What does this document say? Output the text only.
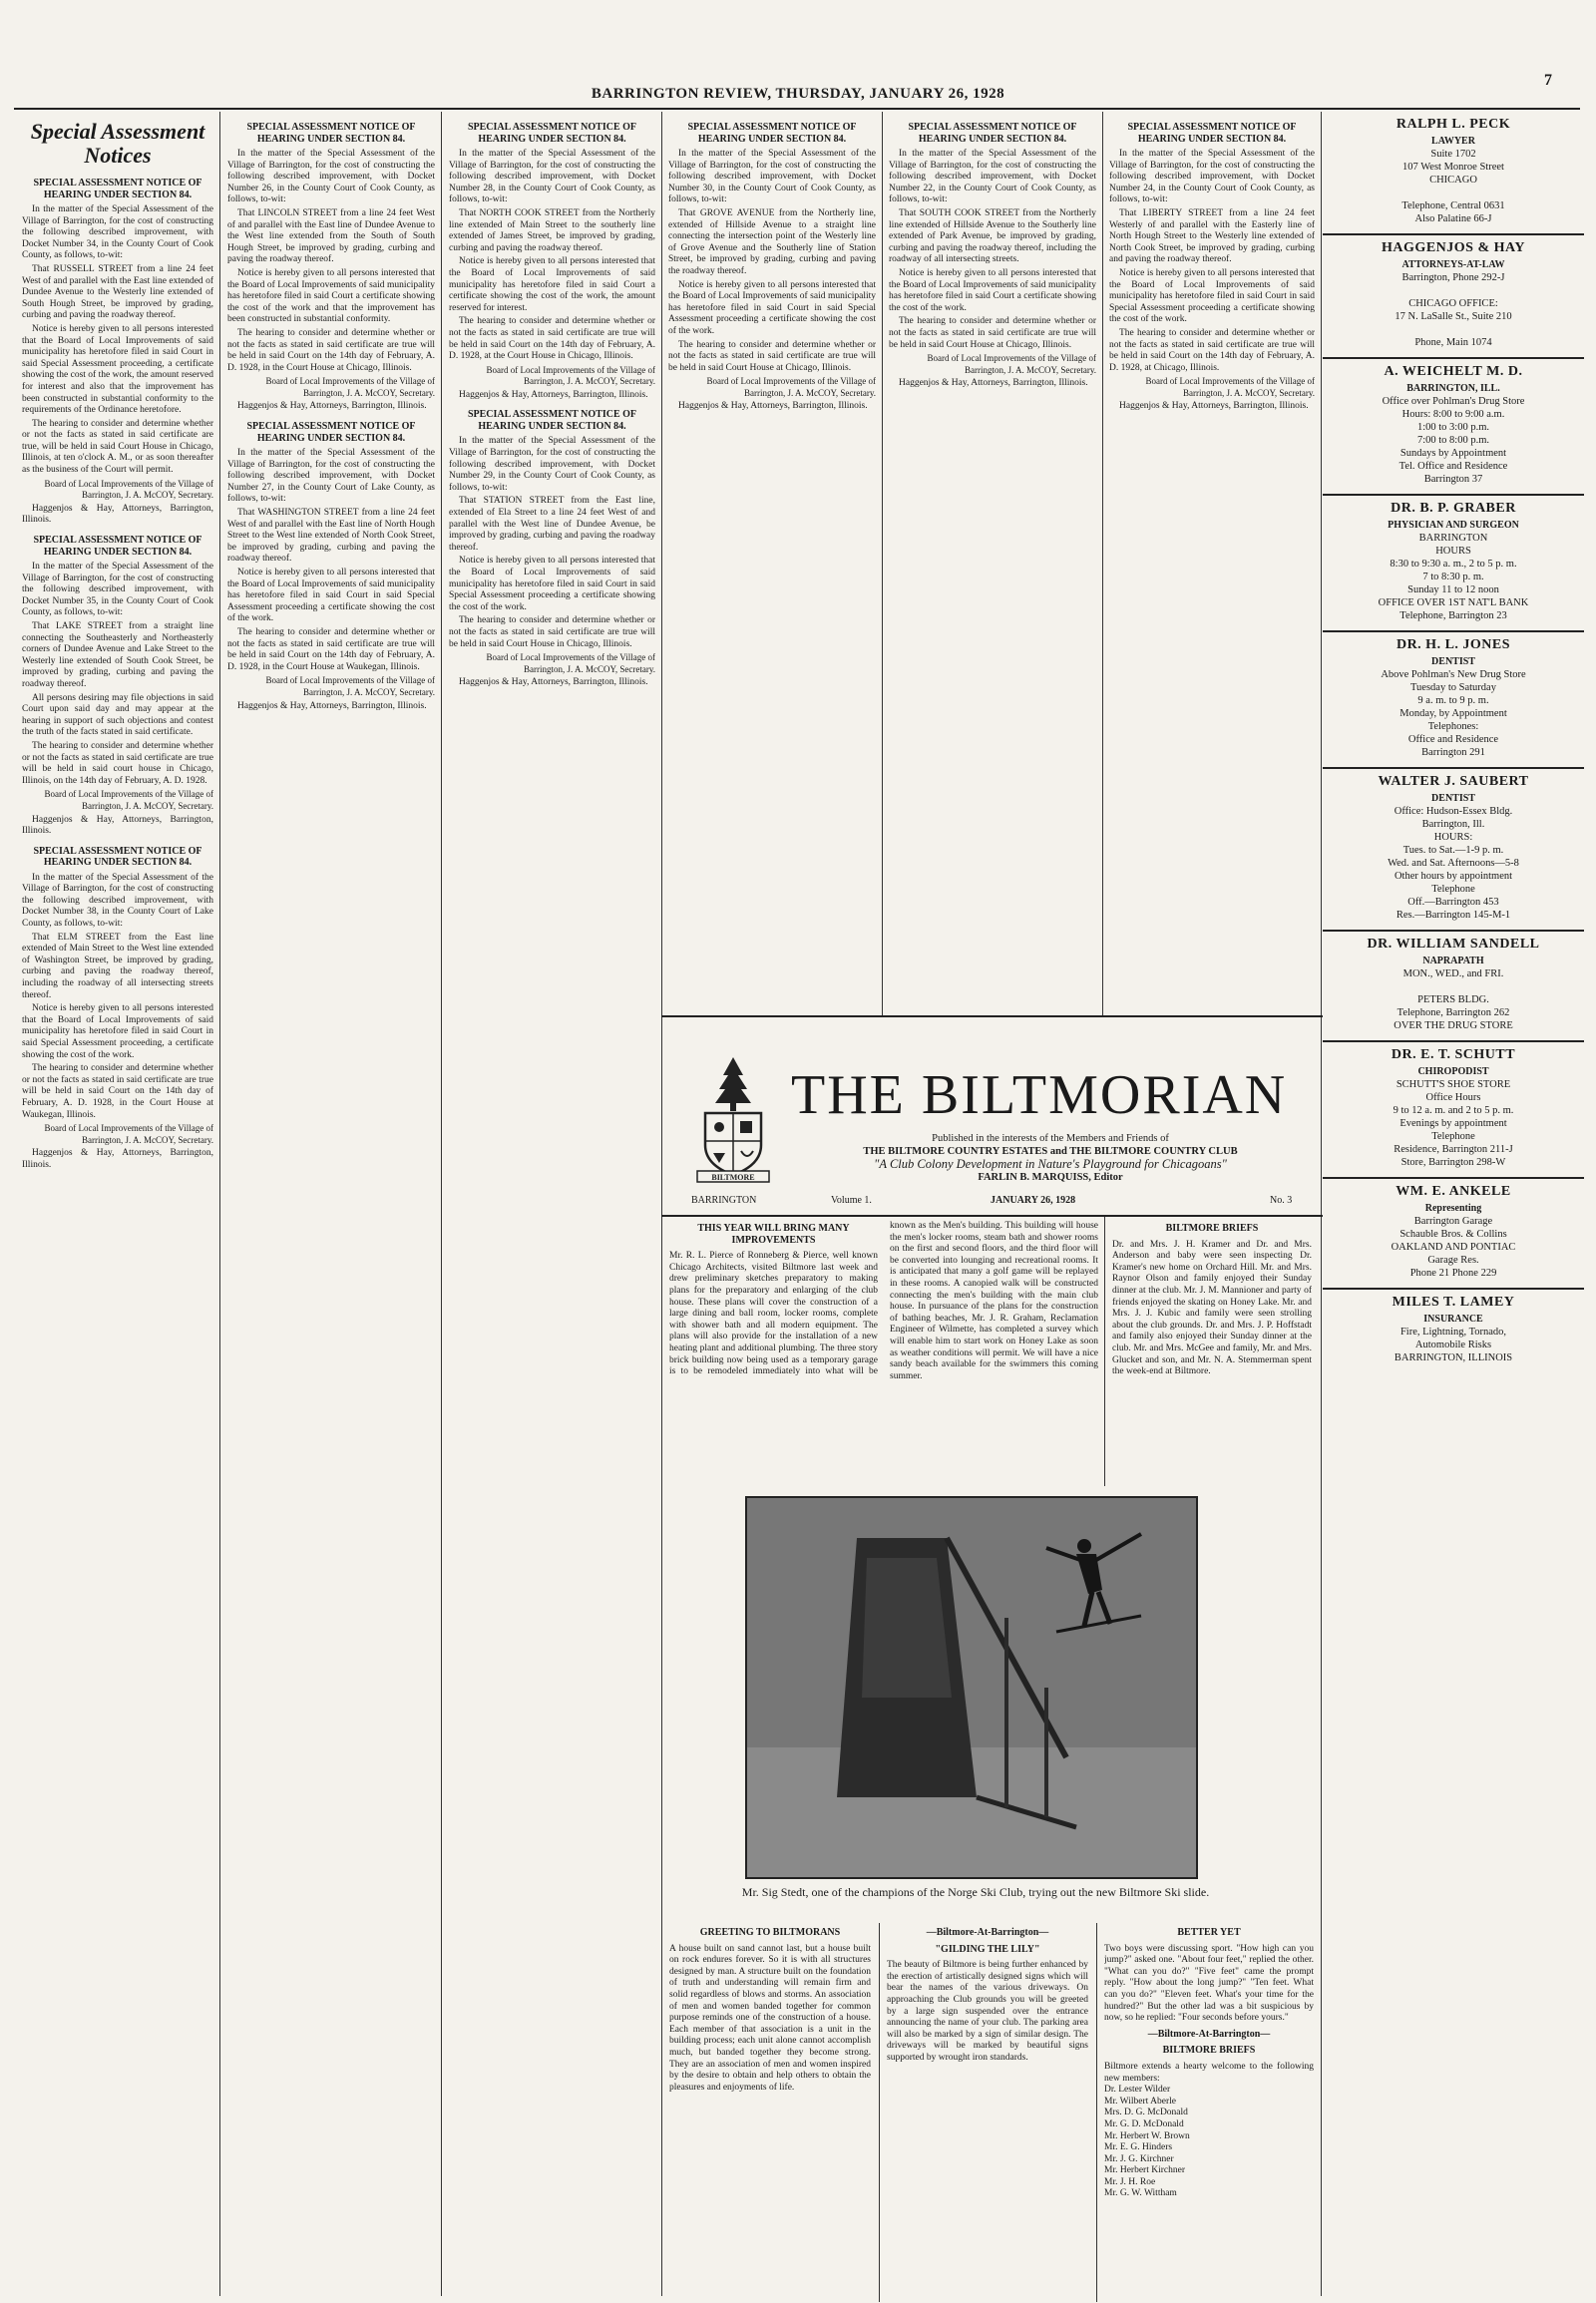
BARRINGTON REVIEW, THURSDAY, JANUARY 26, 1928
7
Special Assessment Notices
SPECIAL ASSESSMENT NOTICE OF HEARING UNDER SECTION 84.

In the matter of the Special Assessment of the Village of Barrington, for the cost of constructing the following described improvement, with Docket Number 34, in the County Court of Cook County, as follows, to-wit:

That RUSSELL STREET from a line 24 feet West of and parallel with the East line extended of Dundee Avenue to the Westerly line extended of South Hough Street, be improved by grading, curbing and paving the roadway thereof.

Notice is hereby given to all persons interested that the Board of Local Improvements of said municipality has heretofore filed in said Court in said Special Assessment proceeding, a certificate showing the cost of the work, the amount reserved for interest and also that the improvement has been constructed in substantial conformity to the requirements of the Ordinance heretofore.

The hearing to consider and determine whether or not the facts as stated in said certificate are true, will be held in said Court House in Chicago, Illinois, at ten o'clock A. M., or as soon thereafter as the business of the Court will permit.

Board of Local Improvements of the Village of Barrington, J. A. McCOY, Secretary.

Haggenjos & Hay, Attorneys, Barrington, Illinois.

SPECIAL ASSESSMENT NOTICE OF HEARING UNDER SECTION 84.

In the matter of the Special Assessment of the Village of Barrington, for the cost of constructing the following described improvement, with Docket Number 35, in the County Court of Cook County, as follows, to-wit:

That LAKE STREET from a straight line connecting the Southeasterly and Northeasterly corners of Dundee Avenue and Lake Street to the Westerly line extended of South Cook Street, be improved by grading, curbing and paving the roadway thereof.

All persons desiring may file objections in said Court upon said day and may appear at the hearing in support of such objections and contest the truth of the facts stated in said certificate.

The hearing to consider and determine whether or not the facts as stated in said certificate are true will be held in said court house in Chicago, Illinois, on the 14th day of February, A. D. 1928.

Board of Local Improvements of the Village of Barrington, J. A. McCOY, Secretary.

Haggenjos & Hay, Attorneys, Barrington, Illinois.

SPECIAL ASSESSMENT NOTICE OF HEARING UNDER SECTION 84.

In the matter of the Special Assessment of the Village of Barrington, for the cost of constructing the following described improvement, with Docket Number 38, in the County Court of Lake County, as follows, to-wit:

That ELM STREET from the East line extended of Main Street to the West line extended of Washington Street, be improved by grading, curbing and paving the roadway thereof, including the roadway of all intersecting streets thereof.

Notice is hereby given to all persons interested that the Board of Local Improvements of said municipality has heretofore filed in said Court in said Special Assessment proceeding, a certificate showing the cost of the work.

The hearing to consider and determine whether or not the facts as stated in said certificate are true will be held in said Court on the 14th day of February, A. D. 1928, in the Court House at Waukegan, Illinois.

Board of Local Improvements of the Village of Barrington, J. A. McCOY, Secretary.

Haggenjos & Hay, Attorneys, Barrington, Illinois.

SPECIAL ASSESSMENT NOTICE OF HEARING UNDER SECTION 84.

In the matter of the Special Assessment of the Village of Barrington, for the cost of constructing the following described improvement, with Docket Number 26, in the County Court of Cook County, as follows, to-wit:

That LINCOLN STREET from a line 24 feet West of and parallel with the East line of Dundee Avenue to the West line extended from the South of South Hough Street, be improved by grading, curbing and paving the roadway thereof.

Notice is hereby given to all persons interested that the Board of Local Improvements of said municipality has heretofore filed in said Court a certificate showing the cost of the work and that the improvement has been constructed in substantial conformity.

The hearing to consider and determine whether or not the facts as stated in said certificate are true will be held in said Court on the 14th day of February, A. D. 1928, in the Court House at Chicago, Illinois.

Board of Local Improvements of the Village of Barrington, J. A. McCOY, Secretary.

Haggenjos & Hay, Attorneys, Barrington, Illinois.

SPECIAL ASSESSMENT NOTICE OF HEARING UNDER SECTION 84.

In the matter of the Special Assessment of the Village of Barrington, for the cost of constructing the following described improvement, with Docket Number 27, in the County Court of Lake County, as follows, to-wit:

That WASHINGTON STREET from a line 24 feet West of and parallel with the East line of North Hough Street to the West line extended of North Cook Street, be improved by grading, curbing and paving the roadway thereof.

Notice is hereby given to all persons interested that the Board of Local Improvements of said municipality has heretofore filed in said Court in said Special Assessment proceeding a certificate showing the cost of the work.

The hearing to consider and determine whether or not the facts as stated in said certificate are true will be held in said Court on the 14th day of February, A. D. 1928, in the Court House at Waukegan, Illinois.

Board of Local Improvements of the Village of Barrington, J. A. McCOY, Secretary.

Haggenjos & Hay, Attorneys, Barrington, Illinois.

SPECIAL ASSESSMENT NOTICE OF HEARING UNDER SECTION 84.

In the matter of the Special Assessment of the Village of Barrington, for the cost of constructing the following described improvement, with Docket Number 28, in the County Court of Cook County, as follows, to-wit:

That NORTH COOK STREET from the Northerly line extended of Main Street to the southerly line extended of James Street, be improved by grading, curbing and paving the roadway thereof.

Notice is hereby given to all persons interested that the Board of Local Improvements of said municipality has heretofore filed in said Court a certificate showing the cost of the work, the amount reserved for interest.

The hearing to consider and determine whether or not the facts as stated in said certificate are true will be held in said Court on the 14th day of February, A. D. 1928, at the Court House in Chicago, Illinois.

Board of Local Improvements of the Village of Barrington, J. A. McCOY, Secretary.

Haggenjos & Hay, Attorneys, Barrington, Illinois.

SPECIAL ASSESSMENT NOTICE OF HEARING UNDER SECTION 84.

In the matter of the Special Assessment of the Village of Barrington, for the cost of constructing the following described improvement, with Docket Number 29, in the County Court of Cook County, as follows, to-wit:

That STATION STREET from the East line, extended of Ela Street to a line 24 feet West of and parallel with the West line of Dundee Avenue, be improved by grading, curbing and paving the roadway thereof.

Notice is hereby given to all persons interested that the Board of Local Improvements of said municipality has heretofore filed in said Court in said Special Assessment proceeding a certificate showing the cost of the work.

The hearing to consider and determine whether or not the facts as stated in said certificate are true will be held in said Court House in Chicago, Illinois.

Board of Local Improvements of the Village of Barrington, J. A. McCOY, Secretary.

Haggenjos & Hay, Attorneys, Barrington, Illinois.

SPECIAL ASSESSMENT NOTICE OF HEARING UNDER SECTION 84.

In the matter of the Special Assessment of the Village of Barrington, for the cost of constructing the following described improvement, with Docket Number 30, in the County Court of Cook County, as follows, to-wit:

That GROVE AVENUE from the Northerly line, extended of Hillside Avenue to a straight line connecting the intersection point of the Westerly line of Grove Avenue and the Southerly line of Station Street, be improved by grading, curbing and paving the roadway thereof.

Notice is hereby given to all persons interested that the Board of Local Improvements of said municipality has heretofore filed in said Court in said Special Assessment proceeding a certificate showing the cost of the work.

The hearing to consider and determine whether or not the facts as stated in said certificate are true will be held in said Court House at Chicago, Illinois.

Board of Local Improvements of the Village of Barrington, J. A. McCOY, Secretary.

Haggenjos & Hay, Attorneys, Barrington, Illinois.

SPECIAL ASSESSMENT NOTICE OF HEARING UNDER SECTION 84.

In the matter of the Special Assessment of the Village of Barrington, for the cost of constructing the following described improvement, with Docket Number 22, in the County Court of Cook County, as follows, to-wit:

That SOUTH COOK STREET from the Northerly line extended of Hillside Avenue to the Southerly line extended of Park Avenue, be improved by grading, curbing and paving the roadway thereof, including the roadway of all intersecting streets.

Notice is hereby given to all persons interested that the Board of Local Improvements of said municipality has heretofore filed in said Court a certificate showing the cost of the work.

The hearing to consider and determine whether or not the facts as stated in said certificate are true will be held in said Court House at Chicago, Illinois.

Board of Local Improvements of the Village of Barrington, J. A. McCOY, Secretary.

Haggenjos & Hay, Attorneys, Barrington, Illinois.

SPECIAL ASSESSMENT NOTICE OF HEARING UNDER SECTION 84.

In the matter of the Special Assessment of the Village of Barrington, for the cost of constructing the following described improvement, with Docket Number 24, in the County Court of Cook County, as follows, to-wit:

That LIBERTY STREET from a line 24 feet Westerly of and parallel with the Easterly line of North Hough Street to the Westerly line extended of North Cook Street, be improved by grading, curbing and paving the roadway thereof.

Notice is hereby given to all persons interested that the Board of Local Improvements of said municipality has heretofore filed in said Court in said Special Assessment proceeding a certificate showing the cost of the work.

The hearing to consider and determine whether or not the facts as stated in said certificate are true will be held in said Court on the 14th day of February, A. D. 1928, at Chicago, Illinois.

Board of Local Improvements of the Village of Barrington, J. A. McCOY, Secretary.

Haggenjos & Hay, Attorneys, Barrington, Illinois.

BILTMORE
THE BILTMORIAN
Published in the interests of the Members and Friends of
THE BILTMORE COUNTRY ESTATES and THE BILTMORE COUNTRY CLUB
"A Club Colony Development in Nature's Playground for Chicagoans"
FARLIN B. MARQUISS, Editor
BARRINGTON	Volume 1.	JANUARY 26, 1928	No. 3
THIS YEAR WILL BRING MANY IMPROVEMENTS
Mr. R. L. Pierce of Ronneberg & Pierce, well known Chicago Architects, visited Biltmore last week and drew preliminary sketches preparatory to making plans for the preparatory and enlarging of the club house. These plans will cover the construction of a large dining and ball room, locker rooms, complete with shower bath and all modern equipment. The plans will also provide for the installation of a new heating plant and additional plumbing. The three story brick building now being used as a temporary garage is to be remodeled immediately into what will be known as the Men's building. This building will house the men's locker rooms, steam bath and shower rooms on the first and second floors, and the third floor will be converted into lounging and recreational rooms. It is anticipated that many a golf game will be replayed in these rooms. A canopied walk will be constructed connecting the men's building with the main club house. In pursuance of the plans for the construction of bathing beaches, Mr. J. R. Graham, Reclamation Engineer of Wilmette, has completed a survey which will enable him to start work on Honey Lake as soon as weather conditions will permit. We will have a nice sandy beach available for the swimmers this coming summer.
BILTMORE BRIEFS
Dr. and Mrs. J. H. Kramer and Dr. and Mrs. Anderson and baby were seen inspecting Dr. Kramer's new home on Orchard Hill. Mr. and Mrs. Raynor Olson and family enjoyed their Sunday dinner at the club. Mr. J. M. Mannioner and party of friends enjoyed the skating on Honey Lake. Mr. and Mrs. J. J. Kubic and family were seen strolling about the club grounds. Dr. and Mrs. J. P. Hoffstadt and family also enjoyed their Sunday dinner at the club. Mr. and Mrs. McGee and family, Mr. and Mrs. Glucket and son, and Mr. N. A. Stemmerman spent the week-end at Biltmore.
Mr. Sig Stedt, one of the champions of the Norge Ski Club, trying out the new Biltmore Ski slide.
GREETING TO BILTMORANS
A house built on sand cannot last, but a house built on rock endures forever. So it is with all structures designed by man. A structure built on the foundation of truth and understanding will remain firm and solid regardless of blows and storms. An association of men and women banded together for common purpose reminds one of the construction of a house. Each member of that association is a unit in the building process; each unit alone cannot accomplish much, but banded together they become strong. They are an association of men and women inspired by the desire to obtain and help others to obtain the pleasures and enjoyments of life.
—Biltmore-At-Barrington—
"GILDING THE LILY"
The beauty of Biltmore is being further enhanced by the erection of artistically designed signs which will bear the names of the various driveways. On approaching the Club grounds you will be greeted by a large sign suspended over the entrance announcing the name of your club. The parking area will also be marked by a sign of similar design. The driveways will be marked by beautiful signs supported by wrought iron standards.
BETTER YET
Two boys were discussing sport. "How high can you jump?" asked one. "About four feet," replied the other. "What can you do?" "Five feet" came the prompt reply. "How about the long jump?" "Ten feet. What can you do?" "Eleven feet. What's your time for the hundred?" But the other lad was a bit suspicious by now, so he replied: "Four seconds before yours."
—Biltmore-At-Barrington—
BILTMORE BRIEFS
Biltmore extends a hearty welcome to the following new members:
Dr. Lester Wilder
Mr. Wilbert Aberle
Mrs. D. G. McDonald
Mr. G. D. McDonald
Mr. Herbert W. Brown
Mr. E. G. Hinders
Mr. J. G. Kirchner
Mr. Herbert Kirchner
Mr. J. H. Roe
Mr. G. W. Wittham
RALPH L. PECK
LAWYER
Suite 1702
107 West Monroe Street
CHICAGO

Telephone, Central 0631
Also Palatine 66-J
HAGGENJOS & HAY
ATTORNEYS-AT-LAW
Barrington, Phone 292-J

CHICAGO OFFICE:
17 N. LaSalle St., Suite 210

Phone, Main 1074
A. WEICHELT M. D.
BARRINGTON, ILL.
Office over Pohlman's Drug Store
Hours: 8:00 to 9:00 a.m.
1:00 to 3:00 p.m.
7:00 to 8:00 p.m.
Sundays by Appointment
Tel. Office and Residence
Barrington 37
DR. B. P. GRABER
PHYSICIAN AND SURGEON
BARRINGTON
HOURS
8:30 to 9:30 a. m., 2 to 5 p. m.
7 to 8:30 p. m.
Sunday 11 to 12 noon
OFFICE OVER 1ST NAT'L BANK
Telephone, Barrington 23
DR. H. L. JONES
DENTIST
Above Pohlman's New Drug Store
Tuesday to Saturday
9 a. m. to 9 p. m.
Monday, by Appointment
Telephones:
Office and Residence
Barrington 291
WALTER J. SAUBERT
DENTIST
Office: Hudson-Essex Bldg.
Barrington, Ill.
HOURS:
Tues. to Sat.—1-9 p. m.
Wed. and Sat. Afternoons—5-8
Other hours by appointment
Telephone
Off.—Barrington 453
Res.—Barrington 145-M-1
DR. WILLIAM SANDELL
NAPRAPATH
MON., WED., and FRI.

PETERS BLDG.
Telephone, Barrington 262
OVER THE DRUG STORE
DR. E. T. SCHUTT
CHIROPODIST
SCHUTT'S SHOE STORE
Office Hours
9 to 12 a. m. and 2 to 5 p. m.
Evenings by appointment
Telephone
Residence, Barrington 211-J
Store, Barrington 298-W
WM. E. ANKELE
Representing
Barrington Garage
Schauble Bros. & Collins
OAKLAND AND PONTIAC
Garage Res.
Phone 21 Phone 229
MILES T. LAMEY
INSURANCE
Fire, Lightning, Tornado,
Automobile Risks
BARRINGTON, ILLINOIS
